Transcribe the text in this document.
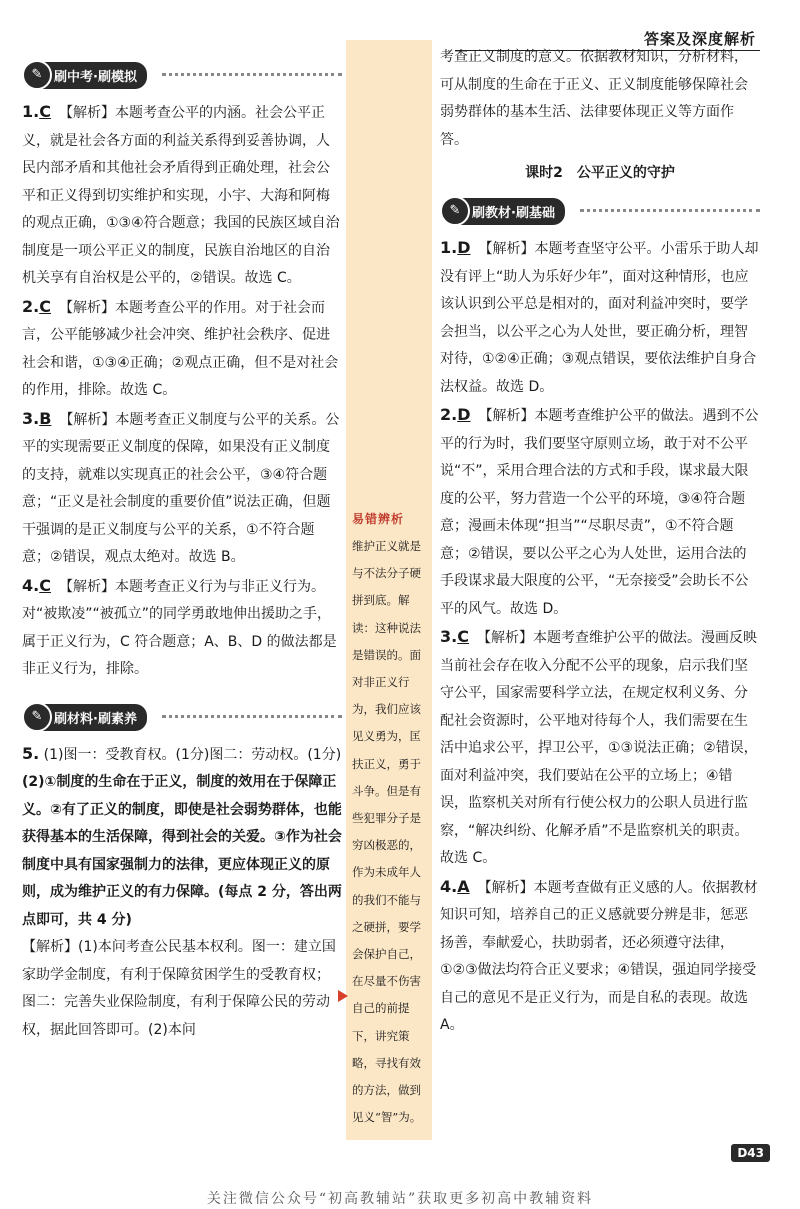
答案及深度解析
刷中考·刷模拟
✎

1.C 【解析】本题考查公平的内涵。社会公平正义，就是社会各方面的利益关系得到妥善协调，人民内部矛盾和其他社会矛盾得到正确处理，社会公平和正义得到切实维护和实现，小宇、大海和阿梅的观点正确，①③④符合题意；我国的民族区域自治制度是一项公平正义的制度，民族自治地区的自治机关享有自治权是公平的，②错误。故选 C。

2.C 【解析】本题考查公平的作用。对于社会而言，公平能够减少社会冲突、维护社会秩序、促进社会和谐，①③④正确；②观点正确，但不是对社会的作用，排除。故选 C。

3.B 【解析】本题考查正义制度与公平的关系。公平的实现需要正义制度的保障，如果没有正义制度的支持，就难以实现真正的社会公平，③④符合题意；“正义是社会制度的重要价值”说法正确，但题干强调的是正义制度与公平的关系，①不符合题意；②错误，观点太绝对。故选 B。

4.C 【解析】本题考查正义行为与非正义行为。对“被欺凌”“被孤立”的同学勇敢地伸出援助之手，属于正义行为，C 符合题意；A、B、D 的做法都是非正义行为，排除。

刷材料·刷素养
✎

5. (1)图一：受教育权。(1分)图二：劳动权。(1分)

(2)①制度的生命在于正义，制度的效用在于保障正义。②有了正义的制度，即使是社会弱势群体，也能获得基本的生活保障，得到社会的关爱。③作为社会制度中具有国家强制力的法律，更应体现正义的原则，成为维护正义的有力保障。(每点 2 分，答出两点即可，共 4 分)

【解析】(1)本问考查公民基本权利。图一：建立国家助学金制度，有利于保障贫困学生的受教育权；图二：完善失业保险制度，有利于保障公民的劳动权，据此回答即可。(2)本问

易错辨析
维护正义就是与不法分子硬拼到底。解读：这种说法是错误的。面对非正义行为，我们应该见义勇为，匡扶正义，勇于斗争。但是有些犯罪分子是穷凶极恶的，作为未成年人的我们不能与之硬拼，要学会保护自己，在尽量不伤害自己的前提下，讲究策略，寻找有效的方法，做到见义“智”为。

考查正义制度的意义。依据教材知识，分析材料，可从制度的生命在于正义、正义制度能够保障社会弱势群体的基本生活、法律要体现正义等方面作答。

课时2　公平正义的守护
刷教材·刷基础
✎

1.D 【解析】本题考查坚守公平。小雷乐于助人却没有评上“助人为乐好少年”，面对这种情形，也应该认识到公平总是相对的，面对利益冲突时，要学会担当，以公平之心为人处世，要正确分析，理智对待，①②④正确；③观点错误，要依法维护自身合法权益。故选 D。

2.D 【解析】本题考查维护公平的做法。遇到不公平的行为时，我们要坚守原则立场，敢于对不公平说“不”，采用合理合法的方式和手段，谋求最大限度的公平，努力营造一个公平的环境，③④符合题意；漫画未体现“担当”“尽职尽责”，①不符合题意；②错误，要以公平之心为人处世，运用合法的手段谋求最大限度的公平，“无奈接受”会助长不公平的风气。故选 D。

3.C 【解析】本题考查维护公平的做法。漫画反映当前社会存在收入分配不公平的现象，启示我们坚守公平，国家需要科学立法，在规定权利义务、分配社会资源时，公平地对待每个人，我们需要在生活中追求公平，捍卫公平，①③说法正确；②错误，面对利益冲突，我们要站在公平的立场上；④错误，监察机关对所有行使公权力的公职人员进行监察，“解决纠纷、化解矛盾”不是监察机关的职责。故选 C。

4.A 【解析】本题考查做有正义感的人。依据教材知识可知，培养自己的正义感就要分辨是非，惩恶扬善，奉献爱心，扶助弱者，还必须遵守法律，①②③做法均符合正义要求；④错误，强迫同学接受自己的意见不是正义行为，而是自私的表现。故选 A。

D43
关注微信公众号“初高教辅站”获取更多初高中教辅资料
